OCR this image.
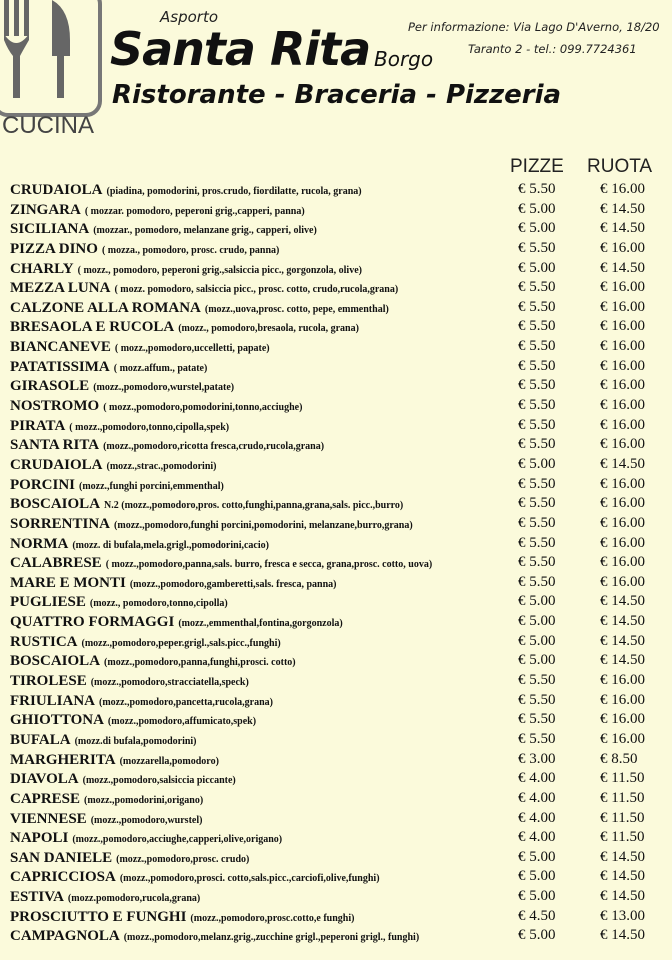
CUCINA
Asporto
Santa Rita Borgo
Ristorante - Braceria - Pizzeria
Per informazione: Via Lago D'Averno, 18/20
Taranto 2 - tel.: 099.7724361
PIZZE RUOTA
CRUDAIOLA (piadina, pomodorini, pros.crudo, fiordilatte, rucola, grana)	€ 5.50	€ 16.00
ZINGARA ( mozzar. pomodoro, peperoni grig.,capperi, panna)	€ 5.00	€ 14.50
SICILIANA (mozzar., pomodoro, melanzane grig., capperi, olive)	€ 5.00	€ 14.50
PIZZA DINO ( mozza., pomodoro, prosc. crudo, panna)	€ 5.50	€ 16.00
CHARLY ( mozz., pomodoro, peperoni grig.,salsiccia picc., gorgonzola, olive)	€ 5.00	€ 14.50
MEZZA LUNA ( mozz. pomodoro, salsiccia picc., prosc. cotto, crudo,rucola,grana)	€ 5.50	€ 16.00
CALZONE ALLA ROMANA (mozz.,uova,prosc. cotto, pepe, emmenthal)	€ 5.50	€ 16.00
BRESAOLA E RUCOLA (mozz., pomodoro,bresaola, rucola, grana)	€ 5.50	€ 16.00
BIANCANEVE ( mozz.,pomodoro,uccelletti, papate)	€ 5.50	€ 16.00
PATATISSIMA ( mozz.affum., patate)	€ 5.50	€ 16.00
GIRASOLE (mozz.,pomodoro,wurstel,patate)	€ 5.50	€ 16.00
NOSTROMO ( mozz.,pomodoro,pomodorini,tonno,acciughe)	€ 5.50	€ 16.00
PIRATA ( mozz.,pomodoro,tonno,cipolla,spek)	€ 5.50	€ 16.00
SANTA RITA (mozz.,pomodoro,ricotta fresca,crudo,rucola,grana)	€ 5.50	€ 16.00
CRUDAIOLA (mozz.,strac.,pomodorini)	€ 5.00	€ 14.50
PORCINI (mozz.,funghi porcini,emmenthal)	€ 5.50	€ 16.00
BOSCAIOLA N.2 (mozz.,pomodoro,pros. cotto,funghi,panna,grana,sals. picc.,burro)	€ 5.50	€ 16.00
SORRENTINA (mozz.,pomodoro,funghi porcini,pomodorini, melanzane,burro,grana)	€ 5.50	€ 16.00
NORMA (mozz. di bufala,mela.grigl.,pomodorini,cacio)	€ 5.50	€ 16.00
CALABRESE ( mozz.,pomodoro,panna,sals. burro, fresca e secca, grana,prosc. cotto, uova)	€ 5.50	€ 16.00
MARE E MONTI (mozz.,pomodoro,gamberetti,sals. fresca, panna)	€ 5.50	€ 16.00
PUGLIESE (mozz., pomodoro,tonno,cipolla)	€ 5.00	€ 14.50
QUATTRO FORMAGGI (mozz.,emmenthal,fontina,gorgonzola)	€ 5.00	€ 14.50
RUSTICA (mozz.,pomodoro,peper.grigl.,sals.picc.,funghi)	€ 5.00	€ 14.50
BOSCAIOLA (mozz.,pomodoro,panna,funghi,prosci. cotto)	€ 5.00	€ 14.50
TIROLESE (mozz.,pomodoro,stracciatella,speck)	€ 5.50	€ 16.00
FRIULIANA (mozz.,pomodoro,pancetta,rucola,grana)	€ 5.50	€ 16.00
GHIOTTONA (mozz.,pomodoro,affumicato,spek)	€ 5.50	€ 16.00
BUFALA (mozz.di bufala,pomodorini)	€ 5.50	€ 16.00
MARGHERITA (mozzarella,pomodoro)	€ 3.00	€ 8.50
DIAVOLA (mozz.,pomodoro,salsiccia piccante)	€ 4.00	€ 11.50
CAPRESE (mozz.,pomodorini,origano)	€ 4.00	€ 11.50
VIENNESE (mozz.,pomodoro,wurstel)	€ 4.00	€ 11.50
NAPOLI (mozz.,pomodoro,acciughe,capperi,olive,origano)	€ 4.00	€ 11.50
SAN DANIELE (mozz.,pomodoro,prosc. crudo)	€ 5.00	€ 14.50
CAPRICCIOSA (mozz.,pomodoro,prosci. cotto,sals.picc.,carciofi,olive,funghi)	€ 5.00	€ 14.50
ESTIVA (mozz.pomodoro,rucola,grana)	€ 5.00	€ 14.50
PROSCIUTTO E FUNGHI (mozz.,pomodoro,prosc.cotto,e funghi)	€ 4.50	€ 13.00
CAMPAGNOLA (mozz.,pomodoro,melanz.grig.,zucchine grigl.,peperoni grigl., funghi)	€ 5.00	€ 14.50
